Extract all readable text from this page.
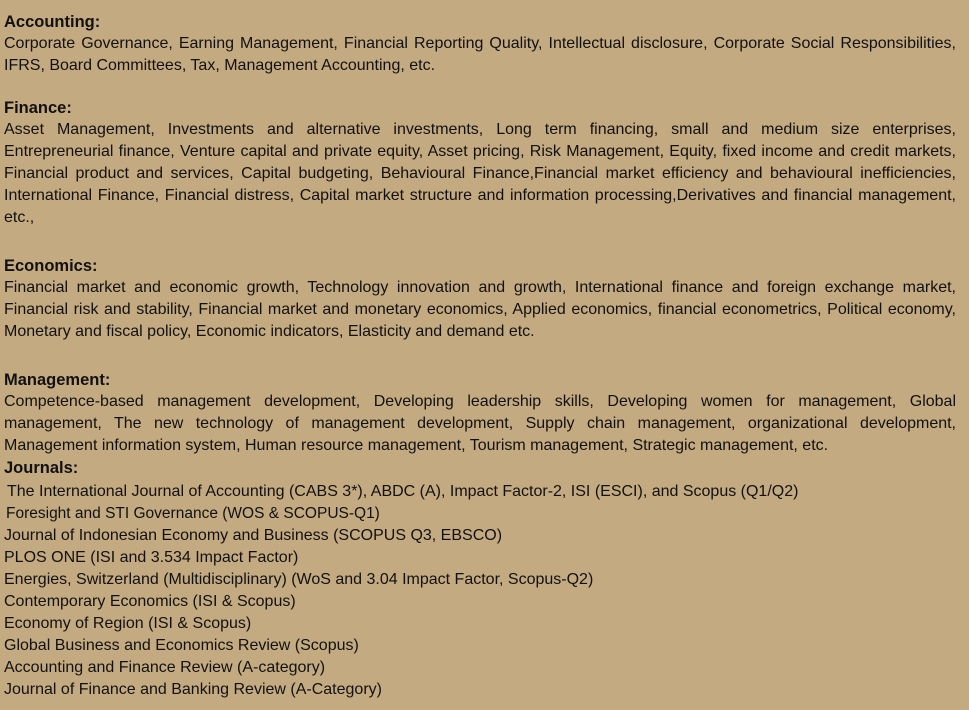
Accounting:

Corporate Governance, Earning Management, Financial Reporting Quality, Intellectual disclosure, Corporate Social Responsibilities, IFRS, Board Committees, Tax, Management Accounting, etc.

Finance:

Asset Management, Investments and alternative investments, Long term financing, small and medium size enterprises, Entrepreneurial finance, Venture capital and private equity, Asset pricing, Risk Management, Equity, fixed income and credit markets, Financial product and services, Capital budgeting, Behavioural Finance,Financial market efficiency and behavioural inefficiencies, International Finance, Financial distress, Capital market structure and information processing,Derivatives and financial management, etc.,

Economics:

Financial market and economic growth, Technology innovation and growth, International finance and foreign exchange market, Financial risk and stability, Financial market and monetary economics, Applied economics, financial econometrics, Political economy, Monetary and fiscal policy, Economic indicators, Elasticity and demand etc.

Management:

Competence-based management development, Developing leadership skills, Developing women for management, Global management, The new technology of management development, Supply chain management, organizational development, Management information system, Human resource management, Tourism management, Strategic management, etc.

Journals:
The International Journal of Accounting (CABS 3*), ABDC (A), Impact Factor-2, ISI (ESCI), and Scopus (Q1/Q2)
Foresight and STI Governance (WOS & SCOPUS-Q1)
Journal of Indonesian Economy and Business (SCOPUS Q3, EBSCO)
PLOS ONE (ISI and 3.534 Impact Factor)
Energies, Switzerland (Multidisciplinary) (WoS and 3.04 Impact Factor, Scopus-Q2)
Contemporary Economics (ISI & Scopus)
Economy of Region (ISI & Scopus)
Global Business and Economics Review (Scopus)
Accounting and Finance Review (A-category)
Journal of Finance and Banking Review (A-Category)
